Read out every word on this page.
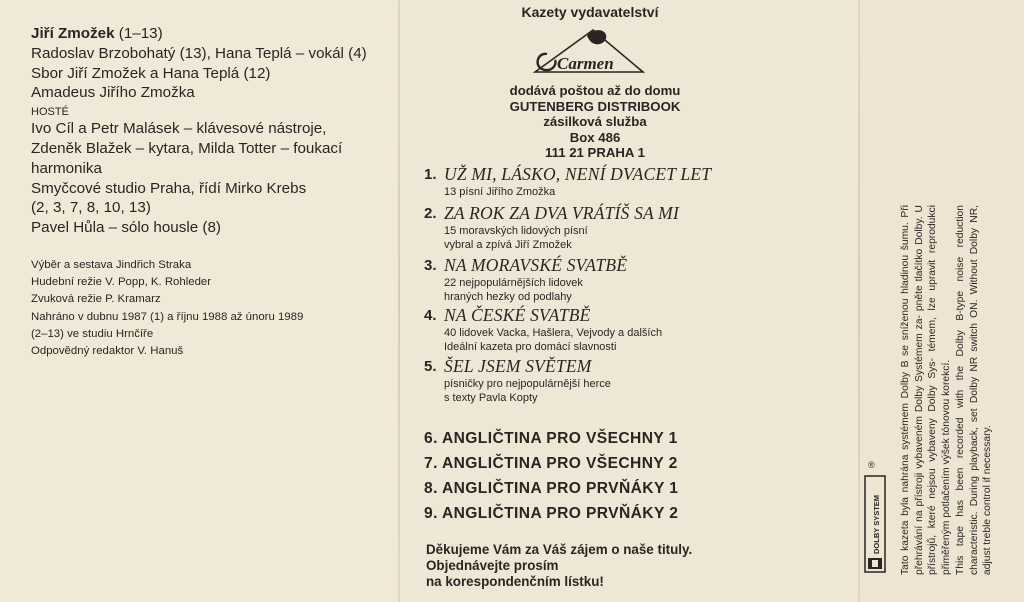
Jiří Zmožek (1–13)
Radoslav Brzobohatý (13), Hana Teplá – vokál (4)
Sbor Jiří Zmožek a Hana Teplá (12)
Amadeus Jiřího Zmožka
HOSTÉ
Ivo Cíl a Petr Malásek – klávesové nástroje,
Zdeněk Blažek – kytara, Milda Totter – foukací
harmonika
Smyčcové studio Praha, řídí Mirko Krebs
(2, 3, 7, 8, 10, 13)
Pavel Hůla – sólo housle (8)
Výběr a sestava Jindřich Straka
Hudební režie V. Popp, K. Rohleder
Zvuková režie P. Kramarz
Nahráno v dubnu 1987 (1) a říjnu 1988 až únoru 1989
(2–13) ve studiu Hrnčíře
Odpovědný redaktor V. Hanuš
Kazety vydavatelství
Carmen
dodává poštou až do domu
GUTENBERG DISTRIBOOK
zásilková služba
Box 486
111 21 PRAHA 1
1. UŽ MI, LÁSKO, NENÍ DVACET LET
13 písní Jiřího Zmožka
2. ZA ROK ZA DVA VRÁTÍŠ SA MI
15 moravských lidových písní
vybral a zpívá Jiří Zmožek
3. NA MORAVSKÉ SVATBĚ
22 nejpopulárnějších lidovek
hraných hezky od podlahy
4. NA ČESKÉ SVATBĚ
40 lidovek Vacka, Hašlera, Vejvody a dalších
Ideální kazeta pro domácí slavnosti
5. ŠEL JSEM SVĚTEM
písničky pro nejpopulárnější herce
s texty Pavla Kopty
6. ANGLIČTINA PRO VŠECHNY 1
7. ANGLIČTINA PRO VŠECHNY 2
8. ANGLIČTINA PRO PRVŇÁKY 1
9. ANGLIČTINA PRO PRVŇÁKY 2
Děkujeme Vám za Váš zájem o naše tituly.
Objednávejte prosím
na korespondenčním lístku!
DOLBY SYSTEM
® Tato kazeta byla nahrána systémem Dolby B se sníženou hladinou šumu. Při přehrávání na přístroji vybaveném Dolby Systémem za- pněte tlačítko Dolby. U přístrojů, které nejsou vybaveny Dolby Sys- témem, lze upravit reprodukci přiměřeným potlačením výšek tónovou korekcí. This tape has been recorded with the Dolby B-type noise reduction characteristic. During playback, set Dolby NR switch ON. Without Dolby NR, adjust treble control if necessary.
